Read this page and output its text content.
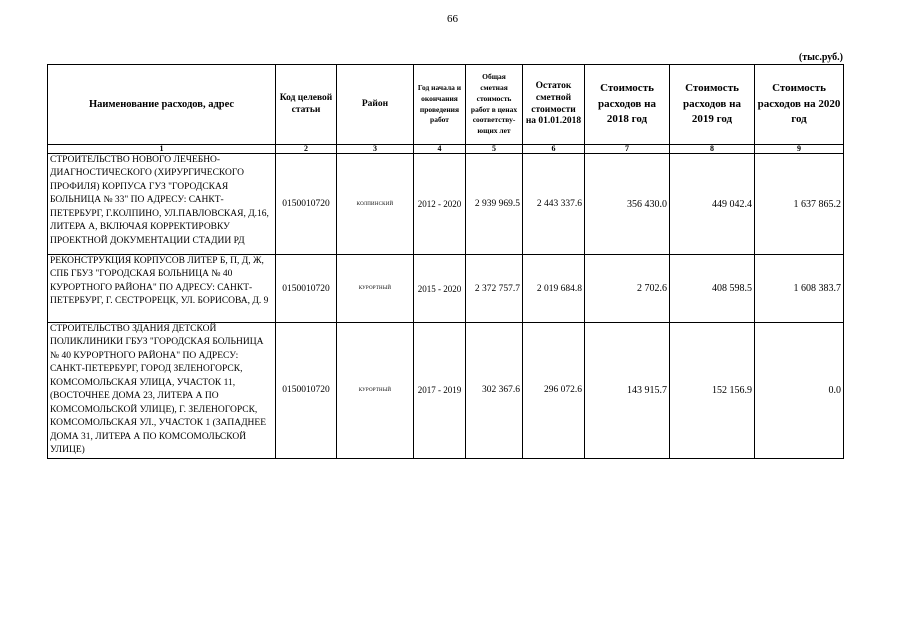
66
(тыс.руб.)
Наименование расходов, адрес	Код целевой статьи	Район	Год начала и окончания проведения работ	Общая сметная стоимость работ в ценах соответству-ющих лет	Остаток сметной стоимости на 01.01.2018	Стоимость расходов на 2018 год	Стоимость расходов на 2019 год	Стоимость расходов на 2020 год
1	2	3	4	5	6	7	8	9
СТРОИТЕЛЬСТВО НОВОГО ЛЕЧЕБНО-ДИАГНОСТИЧЕСКОГО (ХИРУРГИЧЕСКОГО ПРОФИЛЯ) КОРПУСА ГУЗ "ГОРОДСКАЯ БОЛЬНИЦА № 33" ПО АДРЕСУ: САНКТ-ПЕТЕРБУРГ, Г.КОЛПИНО, УЛ.ПАВЛОВСКАЯ, Д.16, ЛИТЕРА А, ВКЛЮЧАЯ КОРРЕКТИРОВКУ ПРОЕКТНОЙ ДОКУМЕНТАЦИИ СТАДИИ РД	0150010720	КОЛПИНСКИЙ	2012 - 2020	2 939 969.5	2 443 337.6	356 430.0	449 042.4	1 637 865.2
РЕКОНСТРУКЦИЯ КОРПУСОВ ЛИТЕР Б, П, Д, Ж, СПБ ГБУЗ "ГОРОДСКАЯ БОЛЬНИЦА № 40 КУРОРТНОГО РАЙОНА" ПО АДРЕСУ: САНКТ-ПЕТЕРБУРГ, Г. СЕСТРОРЕЦК, УЛ. БОРИСОВА, Д. 9	0150010720	КУРОРТНЫЙ	2015 - 2020	2 372 757.7	2 019 684.8	2 702.6	408 598.5	1 608 383.7
СТРОИТЕЛЬСТВО ЗДАНИЯ ДЕТСКОЙ ПОЛИКЛИНИКИ ГБУЗ "ГОРОДСКАЯ БОЛЬНИЦА № 40 КУРОРТНОГО РАЙОНА" ПО АДРЕСУ: САНКТ-ПЕТЕРБУРГ, ГОРОД ЗЕЛЕНОГОРСК, КОМСОМОЛЬСКАЯ УЛИЦА, УЧАСТОК 11, (ВОСТОЧНЕЕ ДОМА 23, ЛИТЕРА А ПО КОМСОМОЛЬСКОЙ УЛИЦЕ), Г. ЗЕЛЕНОГОРСК, КОМСОМОЛЬСКАЯ УЛ., УЧАСТОК 1 (ЗАПАДНЕЕ ДОМА 31, ЛИТЕРА А ПО КОМСОМОЛЬСКОЙ УЛИЦЕ)	0150010720	КУРОРТНЫЙ	2017 - 2019	302 367.6	296 072.6	143 915.7	152 156.9	0.0
